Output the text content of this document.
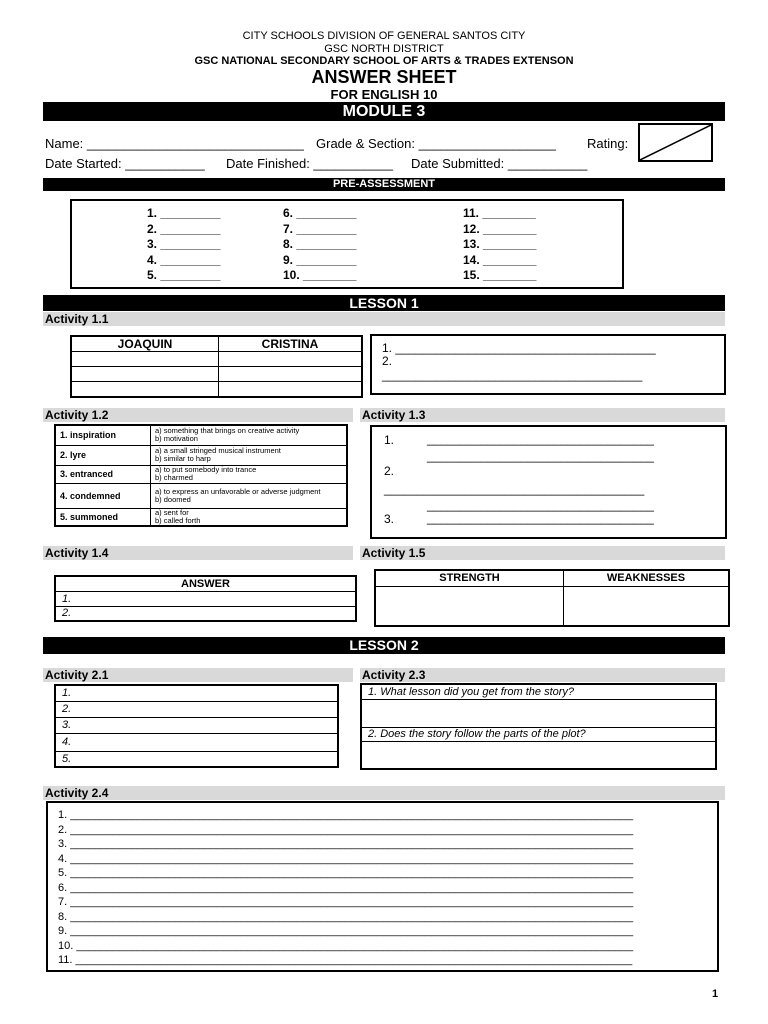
CITY SCHOOLS DIVISION OF GENERAL SANTOS CITY
GSC NORTH DISTRICT
GSC NATIONAL SECONDARY SCHOOL OF ARTS & TRADES EXTENSON
ANSWER SHEET
FOR ENGLISH 10
MODULE 3
Name: ______________________________ Grade & Section: ___________________ Rating:
Date Started: ___________ Date Finished: ___________ Date Submitted: ___________
PRE-ASSESSMENT
1. _________
2. _________
3. _________
4. _________
5. _________
6. _________
7. _________
8. _________
9. _________
10. ________
11. ________
12. ________
13. ________
14. ________
15. ________
LESSON 1
Activity 1.1
JOAQUIN	CRISTINA

		1. _______________________________________
2.
_______________________________________
Activity 1.2	Activity 1.3
1. inspiration	a) something that brings on creative activity
b) motivation

2. lyre	a) a small stringed musical instrument
b) similar to harp

3. entranced	a) to put somebody into trance
b) charmed

4. condemned	a) to express an unfavorable or adverse judgment
b) doomed

5. summoned	a) sent for
b) called forth
1.	__________________________________
__________________________________
2.
_______________________________________
__________________________________
3.	__________________________________
Activity 1.4	Activity 1.5
ANSWER
1.
2.
STRENGTH	WEAKNESSES

LESSON 2
Activity 2.1	Activity 2.3
1.
2.
3.
4.
5.
1. What lesson did you get from the story?

2. Does the story follow the parts of the plot?

Activity 2.4
1. ____________________________________________________________________________________________
2. ____________________________________________________________________________________________
3. ____________________________________________________________________________________________
4. ____________________________________________________________________________________________
5. ____________________________________________________________________________________________
6. ____________________________________________________________________________________________
7. ____________________________________________________________________________________________
8. ____________________________________________________________________________________________
9. ____________________________________________________________________________________________
10. ___________________________________________________________________________________________
11. ___________________________________________________________________________________________
1
